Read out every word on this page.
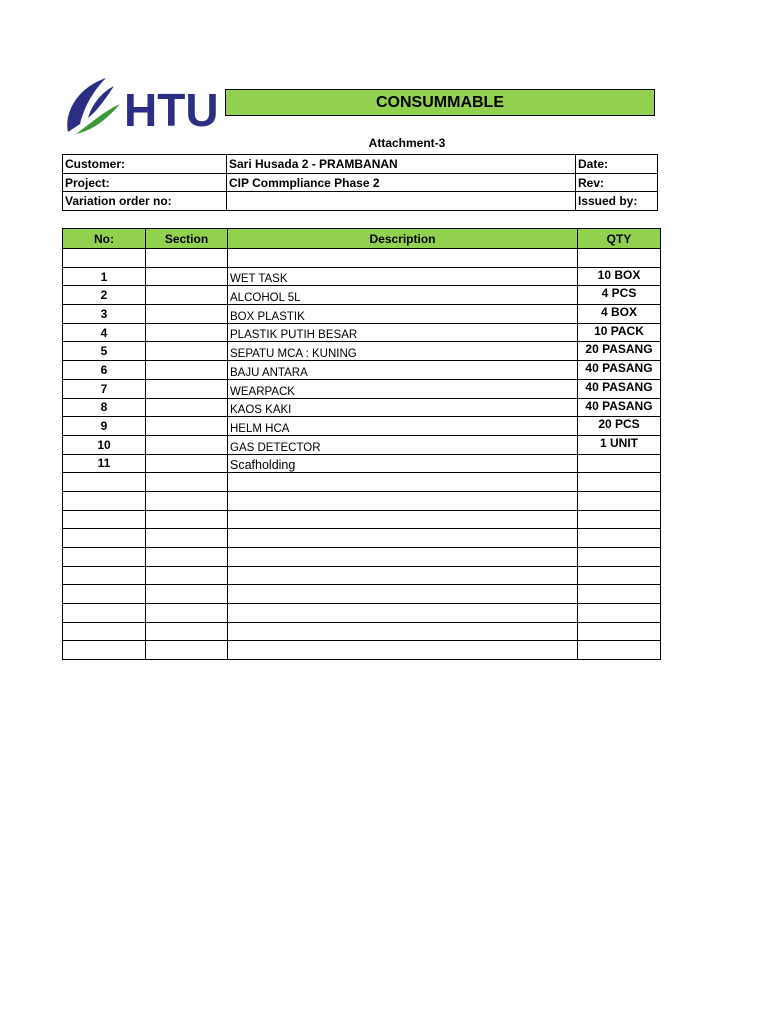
HTU	CONSUMMABLE
Attachment-3
Customer:	Sari Husada 2 - PRAMBANAN	Date:
Project:	CIP Commpliance Phase 2	Rev:
Variation order no:		Issued by:
No:	Section	Description	QTY

1		WET TASK	10 BOX
2		ALCOHOL 5L	4 PCS
3		BOX PLASTIK	4 BOX
4		PLASTIK PUTIH BESAR	10 PACK
5		SEPATU MCA : KUNING	20 PASANG
6		BAJU ANTARA	40 PASANG
7		WEARPACK	40 PASANG
8		KAOS KAKI	40 PASANG
9		HELM HCA	20 PCS
10		GAS DETECTOR	1 UNIT
11		Scafholding	
